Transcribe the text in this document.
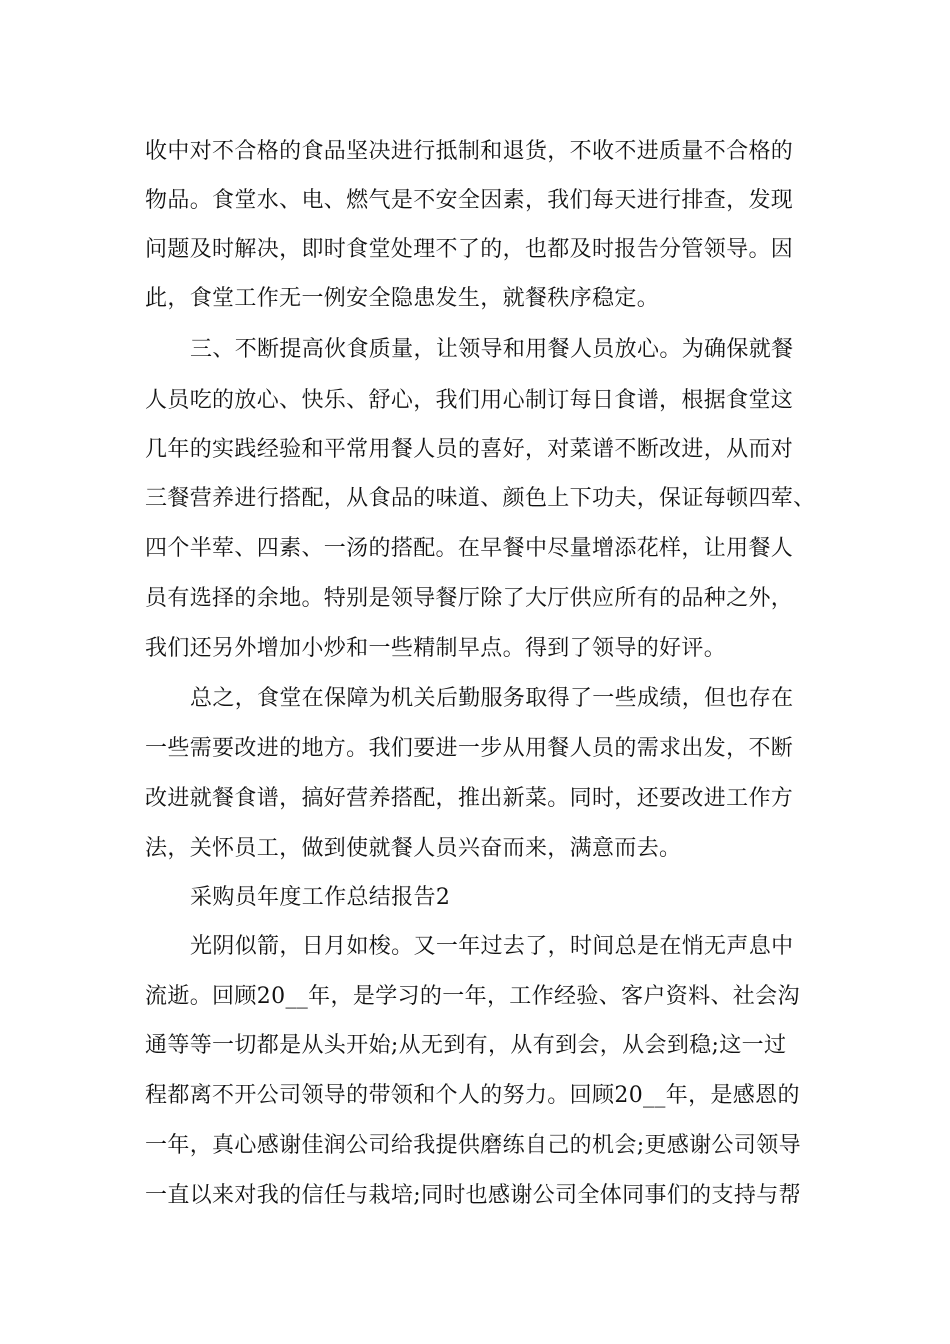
收中对不合格的食品坚决进行抵制和退货，不收不进质量不合格的
物品。食堂水、电、燃气是不安全因素，我们每天进行排查，发现
问题及时解决，即时食堂处理不了的，也都及时报告分管领导。因
此，食堂工作无一例安全隐患发生，就餐秩序稳定。
三、不断提高伙食质量，让领导和用餐人员放心。为确保就餐
人员吃的放心、快乐、舒心，我们用心制订每日食谱，根据食堂这
几年的实践经验和平常用餐人员的喜好，对菜谱不断改进，从而对
三餐营养进行搭配，从食品的味道、颜色上下功夫，保证每顿四荤、
四个半荤、四素、一汤的搭配。在早餐中尽量增添花样，让用餐人
员有选择的余地。特别是领导餐厅除了大厅供应所有的品种之外，
我们还另外增加小炒和一些精制早点。得到了领导的好评。
总之，食堂在保障为机关后勤服务取得了一些成绩，但也存在
一些需要改进的地方。我们要进一步从用餐人员的需求出发，不断
改进就餐食谱，搞好营养搭配，推出新菜。同时，还要改进工作方
法，关怀员工，做到使就餐人员兴奋而来，满意而去。
采购员年度工作总结报告2
光阴似箭，日月如梭。又一年过去了，时间总是在悄无声息中
流逝。回顾20__年，是学习的一年，工作经验、客户资料、社会沟
通等等一切都是从头开始;从无到有，从有到会，从会到稳;这一过
程都离不开公司领导的带领和个人的努力。回顾20__年，是感恩的
一年，真心感谢佳润公司给我提供磨练自己的机会;更感谢公司领导
一直以来对我的信任与栽培;同时也感谢公司全体同事们的支持与帮
